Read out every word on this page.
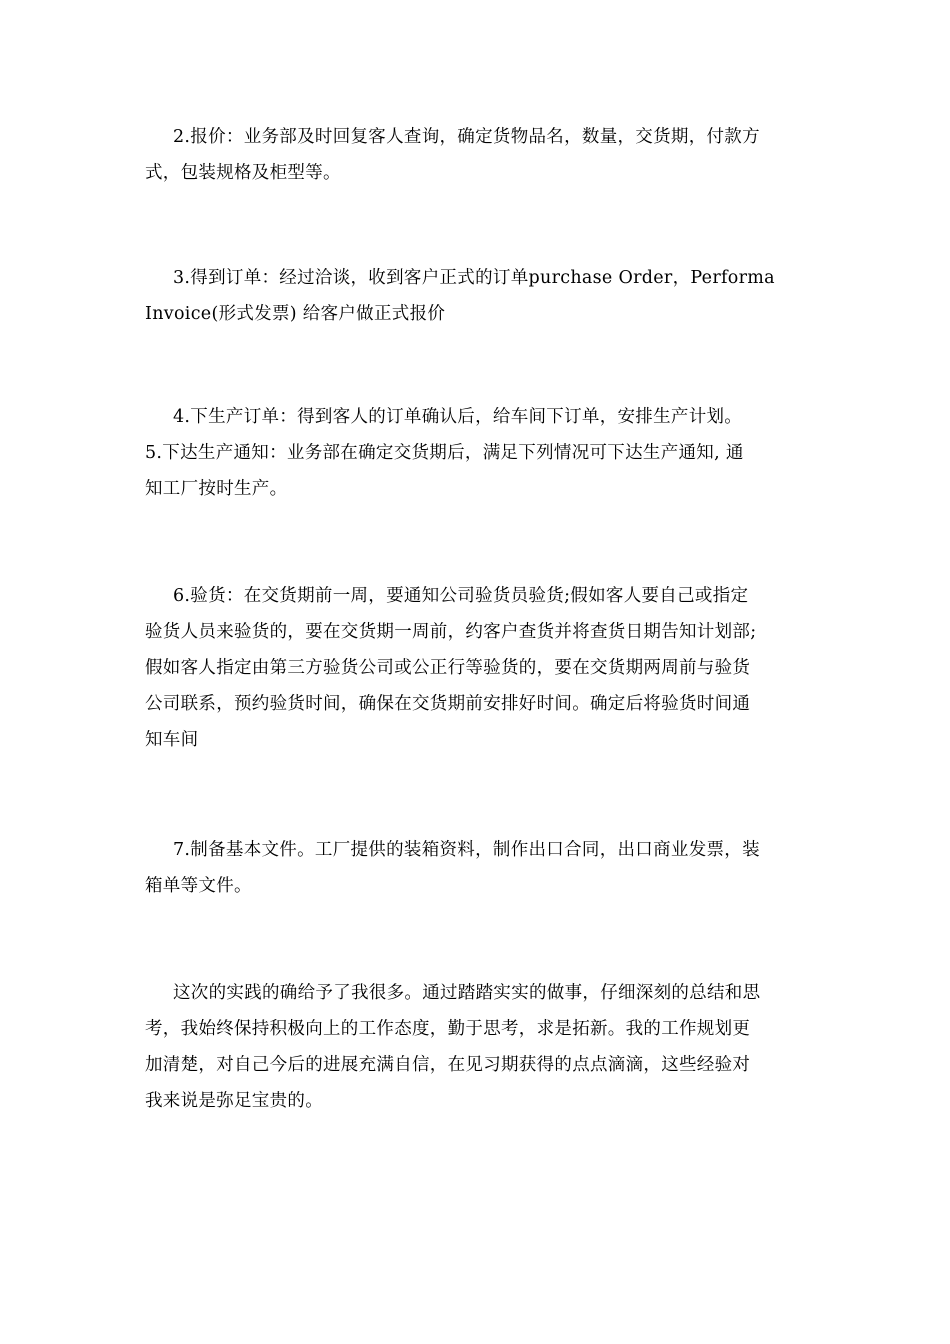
2.报价：业务部及时回复客人查询，确定货物品名，数量，交货期，付款方
式，包装规格及柜型等。
3.得到订单：经过洽谈，收到客户正式的订单purchase Order，Performa
Invoice(形式发票) 给客户做正式报价
4.下生产订单：得到客人的订单确认后，给车间下订单，安排生产计划。
5.下达生产通知：业务部在确定交货期后，满足下列情况可下达生产通知, 通
知工厂按时生产。
6.验货：在交货期前一周，要通知公司验货员验货;假如客人要自己或指定
验货人员来验货的，要在交货期一周前，约客户查货并将查货日期告知计划部;
假如客人指定由第三方验货公司或公正行等验货的，要在交货期两周前与验货
公司联系，预约验货时间，确保在交货期前安排好时间。确定后将验货时间通
知车间
7.制备基本文件。工厂提供的装箱资料，制作出口合同，出口商业发票，装
箱单等文件。
这次的实践的确给予了我很多。通过踏踏实实的做事，仔细深刻的总结和思
考，我始终保持积极向上的工作态度，勤于思考，求是拓新。我的工作规划更
加清楚，对自己今后的进展充满自信，在见习期获得的点点滴滴，这些经验对
我来说是弥足宝贵的。
